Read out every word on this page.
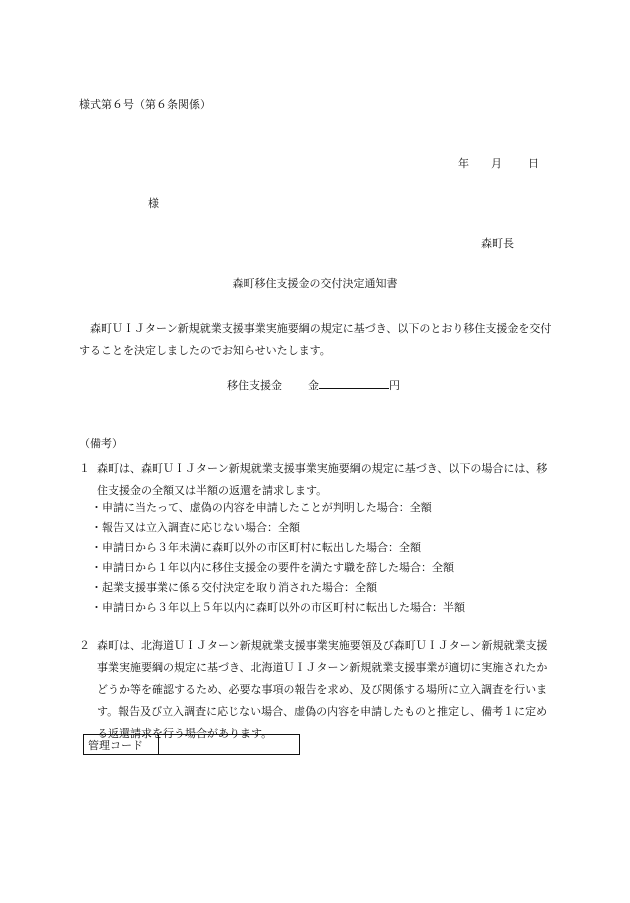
様式第６号（第６条関係）
年 月 日
様
森町長
森町移住支援金の交付決定通知書

森町ＵＩＪターン新規就業支援事業実施要綱の規定に基づき、以下のとおり移住支援金を交付することを決定しましたのでお知らせいたします。

移住支援金 金	円
（備考）
１ 森町は、森町ＵＩＪターン新規就業支援事業実施要綱の規定に基づき、以下の場合には、移住支援金の全額又は半額の返還を請求します。
・申請に当たって、虚偽の内容を申請したことが判明した場合：全額
・報告又は立入調査に応じない場合：全額
・申請日から３年未満に森町以外の市区町村に転出した場合：全額
・申請日から１年以内に移住支援金の要件を満たす職を辞した場合：全額
・起業支援事業に係る交付決定を取り消された場合：全額
・申請日から３年以上５年以内に森町以外の市区町村に転出した場合：半額
２ 森町は、北海道ＵＩＪターン新規就業支援事業実施要領及び森町ＵＩＪターン新規就業支援事業実施要綱の規定に基づき、北海道ＵＩＪターン新規就業支援事業が適切に実施されたかどうか等を確認するため、必要な事項の報告を求め、及び関係する場所に立入調査を行います。報告及び立入調査に応じない場合、虚偽の内容を申請したものと推定し、備考１に定める返還請求を行う場合があります。
管理コード	
